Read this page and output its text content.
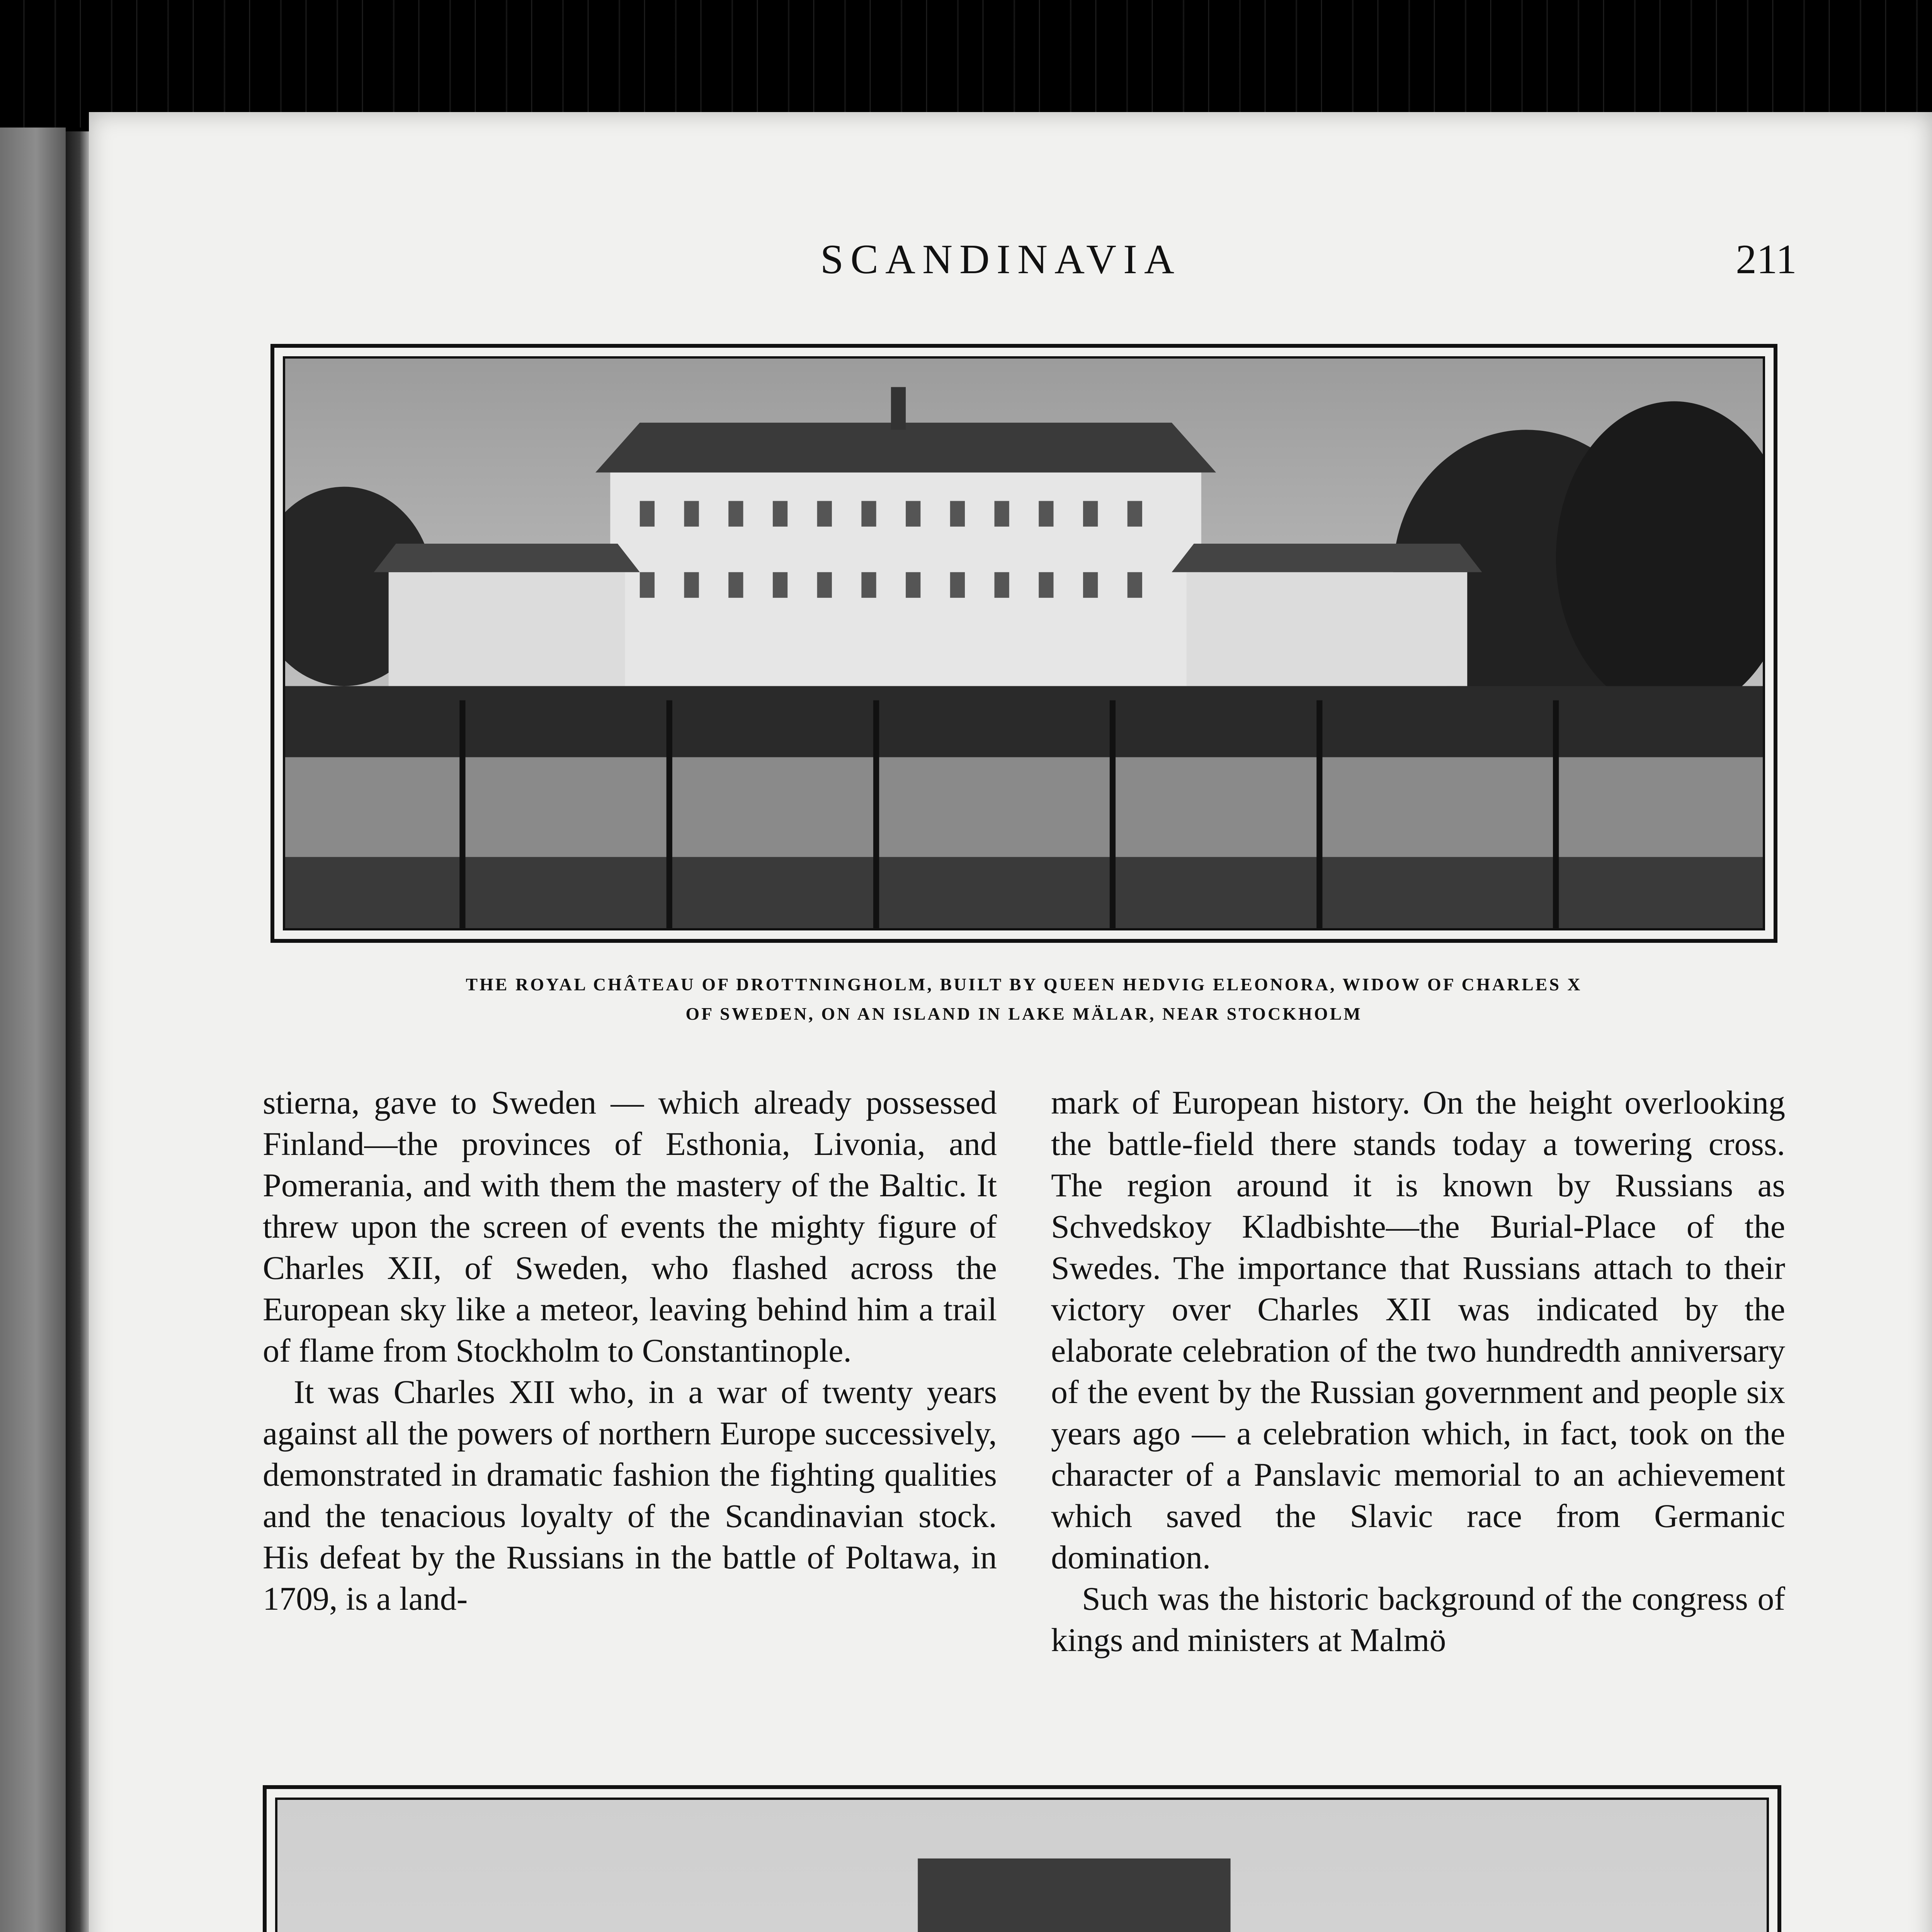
SCANDINAVIA	211
THE ROYAL CHÂTEAU OF DROTTNINGHOLM, BUILT BY QUEEN HEDVIG ELEONORA, WIDOW OF CHARLES X
OF SWEDEN, ON AN ISLAND IN LAKE MÄLAR, NEAR STOCKHOLM

stierna, gave to Sweden — which already possessed Finland—the provinces of Esthonia, Livonia, and Pomerania, and with them the mastery of the Baltic. It threw upon the screen of events the mighty figure of Charles XII, of Sweden, who flashed across the European sky like a meteor, leaving behind him a trail of flame from Stockholm to Constantinople.

It was Charles XII who, in a war of twenty years against all the powers of northern Europe successively, demonstrated in dramatic fashion the fighting qualities and the tenacious loyalty of the Scandinavian stock. His defeat by the Russians in the battle of Poltawa, in 1709, is a land-

mark of European history. On the height overlooking the battle-field there stands today a towering cross. The region around it is known by Russians as Schvedskoy Kladbishte—the Burial-Place of the Swedes. The importance that Russians attach to their victory over Charles XII was indicated by the elaborate celebration of the two hundredth anniversary of the event by the Russian government and people six years ago — a celebration which, in fact, took on the character of a Panslavic memorial to an achievement which saved the Slavic race from Germanic domination.

Such was the historic background of the congress of kings and ministers at Malmö
